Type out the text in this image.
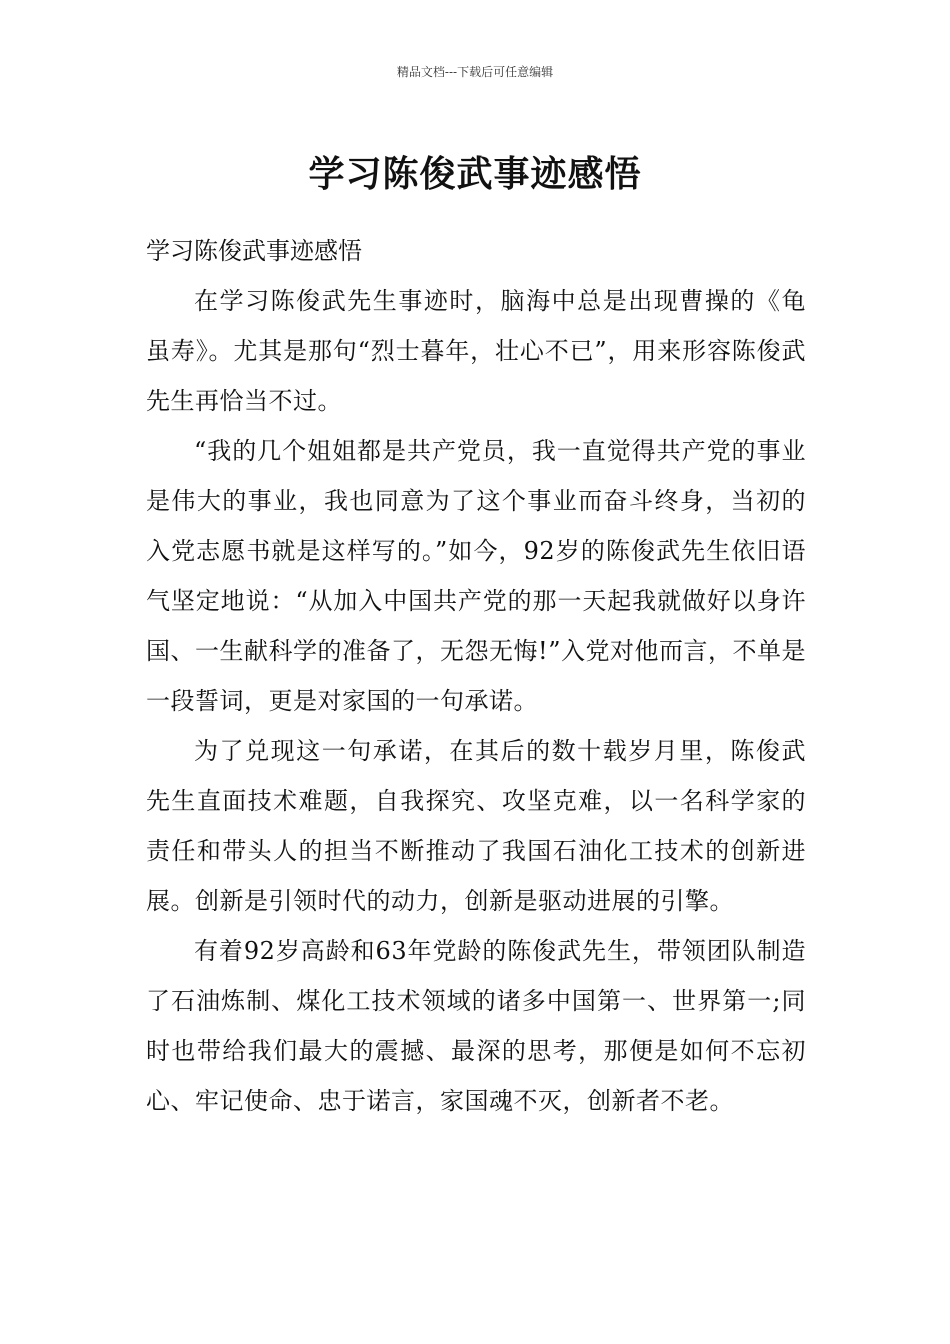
精品文档---下载后可任意编辑
学习陈俊武事迹感悟

学习陈俊武事迹感悟

在学习陈俊武先生事迹时，脑海中总是出现曹操的《龟虽寿》。尤其是那句“烈士暮年，壮心不已”，用来形容陈俊武先生再恰当不过。

“我的几个姐姐都是共产党员，我一直觉得共产党的事业是伟大的事业，我也同意为了这个事业而奋斗终身，当初的入党志愿书就是这样写的。”如今，92岁的陈俊武先生依旧语气坚定地说：“从加入中国共产党的那一天起我就做好以身许国、一生献科学的准备了，无怨无悔!”入党对他而言，不单是一段誓词，更是对家国的一句承诺。

为了兑现这一句承诺，在其后的数十载岁月里，陈俊武先生直面技术难题，自我探究、攻坚克难，以一名科学家的责任和带头人的担当不断推动了我国石油化工技术的创新进展。创新是引领时代的动力，创新是驱动进展的引擎。

有着92岁高龄和63年党龄的陈俊武先生，带领团队制造了石油炼制、煤化工技术领域的诸多中国第一、世界第一;同时也带给我们最大的震撼、最深的思考，那便是如何不忘初心、牢记使命、忠于诺言，家国魂不灭，创新者不老。
